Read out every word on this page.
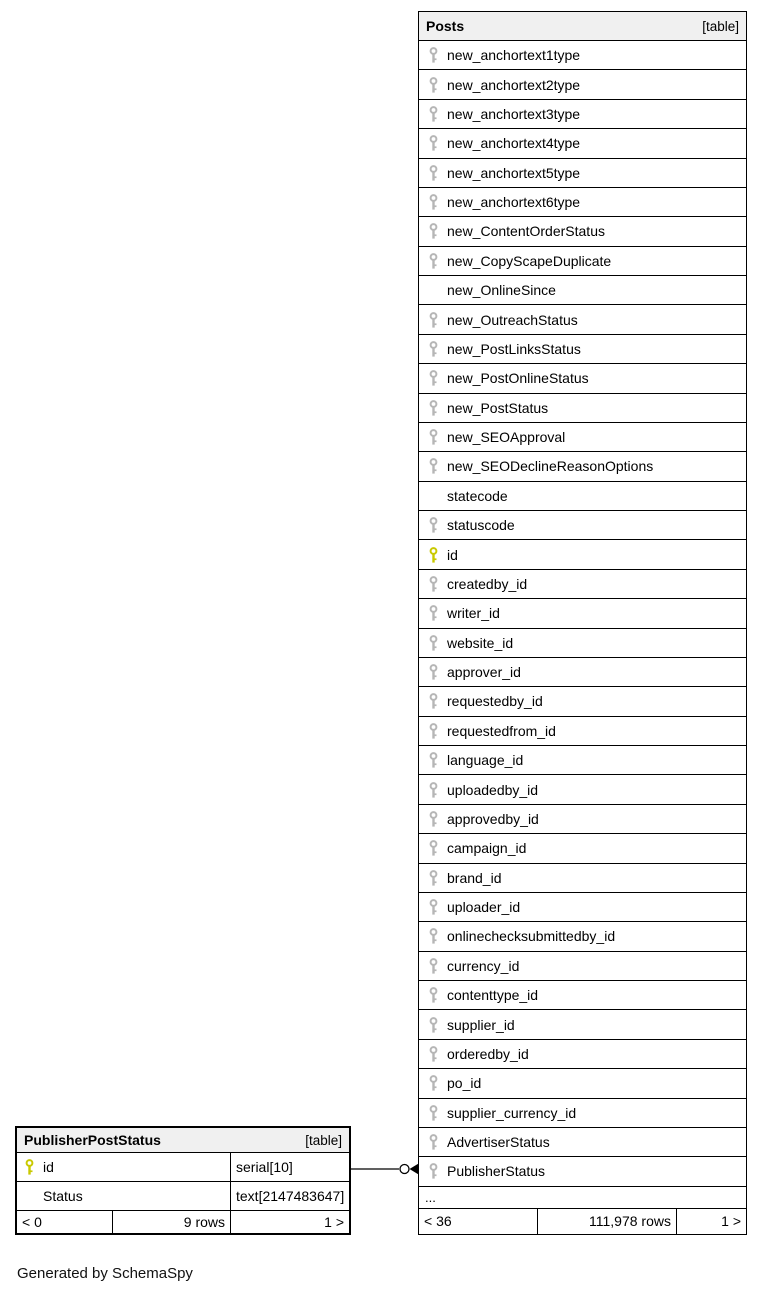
Posts	[table]
new_anchortext1type
new_anchortext2type
new_anchortext3type
new_anchortext4type
new_anchortext5type
new_anchortext6type
new_ContentOrderStatus
new_CopyScapeDuplicate
new_OnlineSince
new_OutreachStatus
new_PostLinksStatus
new_PostOnlineStatus
new_PostStatus
new_SEOApproval
new_SEODeclineReasonOptions
statecode
statuscode
id
createdby_id
writer_id
website_id
approver_id
requestedby_id
requestedfrom_id
language_id
uploadedby_id
approvedby_id
campaign_id
brand_id
uploader_id
onlinechecksubmittedby_id
currency_id
contenttype_id
supplier_id
orderedby_id
po_id
supplier_currency_id
AdvertiserStatus
PublisherStatus
...
< 36	111,978 rows	1 >
PublisherPostStatus	[table]
id	serial[10]
Status	text[2147483647]
< 0	9 rows	1 >
Generated by SchemaSpy
